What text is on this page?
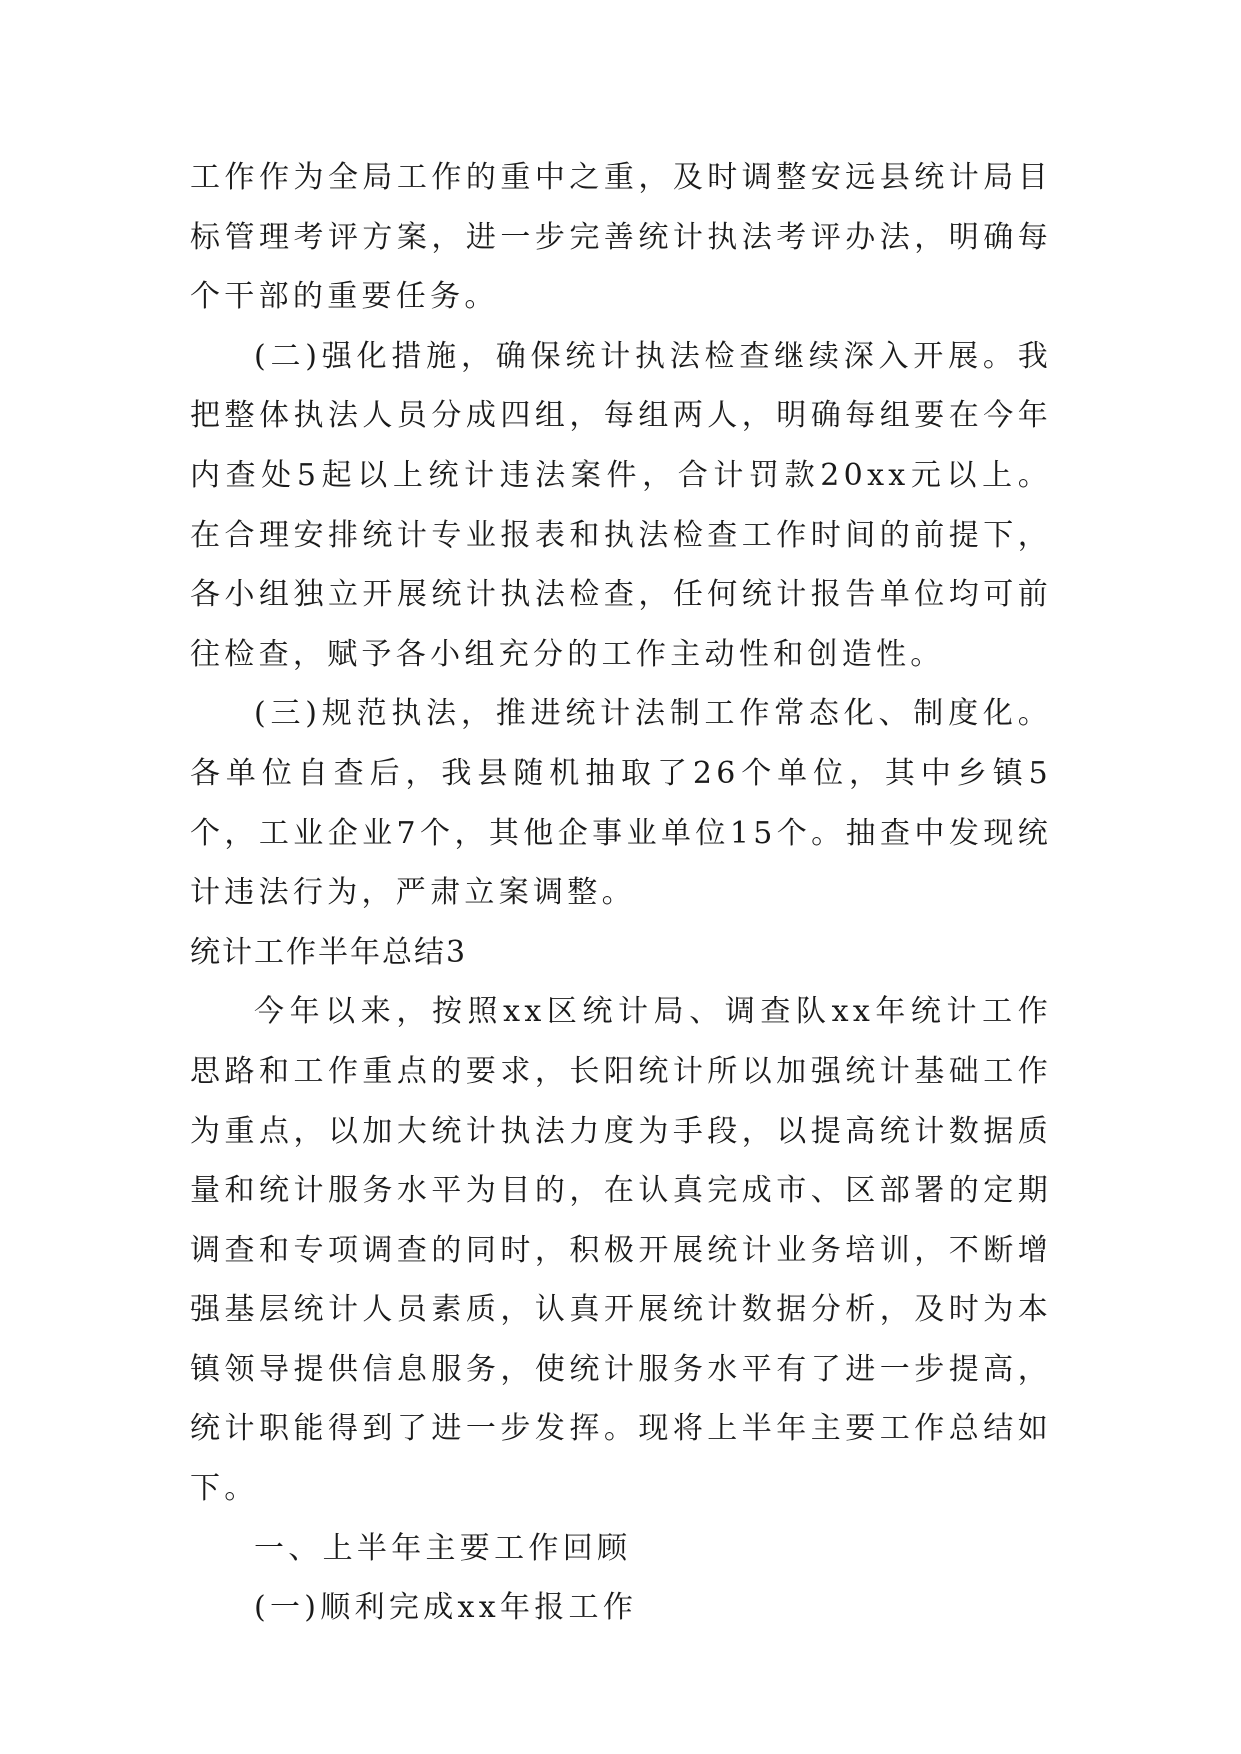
工作作为全局工作的重中之重，及时调整安远县统计局目标管理考评方案，进一步完善统计执法考评办法，明确每个干部的重要任务。

(二)强化措施，确保统计执法检查继续深入开展。我把整体执法人员分成四组，每组两人，明确每组要在今年内查处5起以上统计违法案件，合计罚款20xx元以上。在合理安排统计专业报表和执法检查工作时间的前提下，各小组独立开展统计执法检查，任何统计报告单位均可前往检查，赋予各小组充分的工作主动性和创造性。

(三)规范执法，推进统计法制工作常态化、制度化。各单位自查后，我县随机抽取了26个单位，其中乡镇5个，工业企业7个，其他企事业单位15个。抽查中发现统计违法行为，严肃立案调整。

统计工作半年总结3

今年以来，按照xx区统计局、调查队xx年统计工作思路和工作重点的要求，长阳统计所以加强统计基础工作为重点，以加大统计执法力度为手段，以提高统计数据质量和统计服务水平为目的，在认真完成市、区部署的定期调查和专项调查的同时，积极开展统计业务培训，不断增强基层统计人员素质，认真开展统计数据分析，及时为本镇领导提供信息服务，使统计服务水平有了进一步提高，统计职能得到了进一步发挥。现将上半年主要工作总结如下。

一、上半年主要工作回顾

(一)顺利完成xx年报工作
